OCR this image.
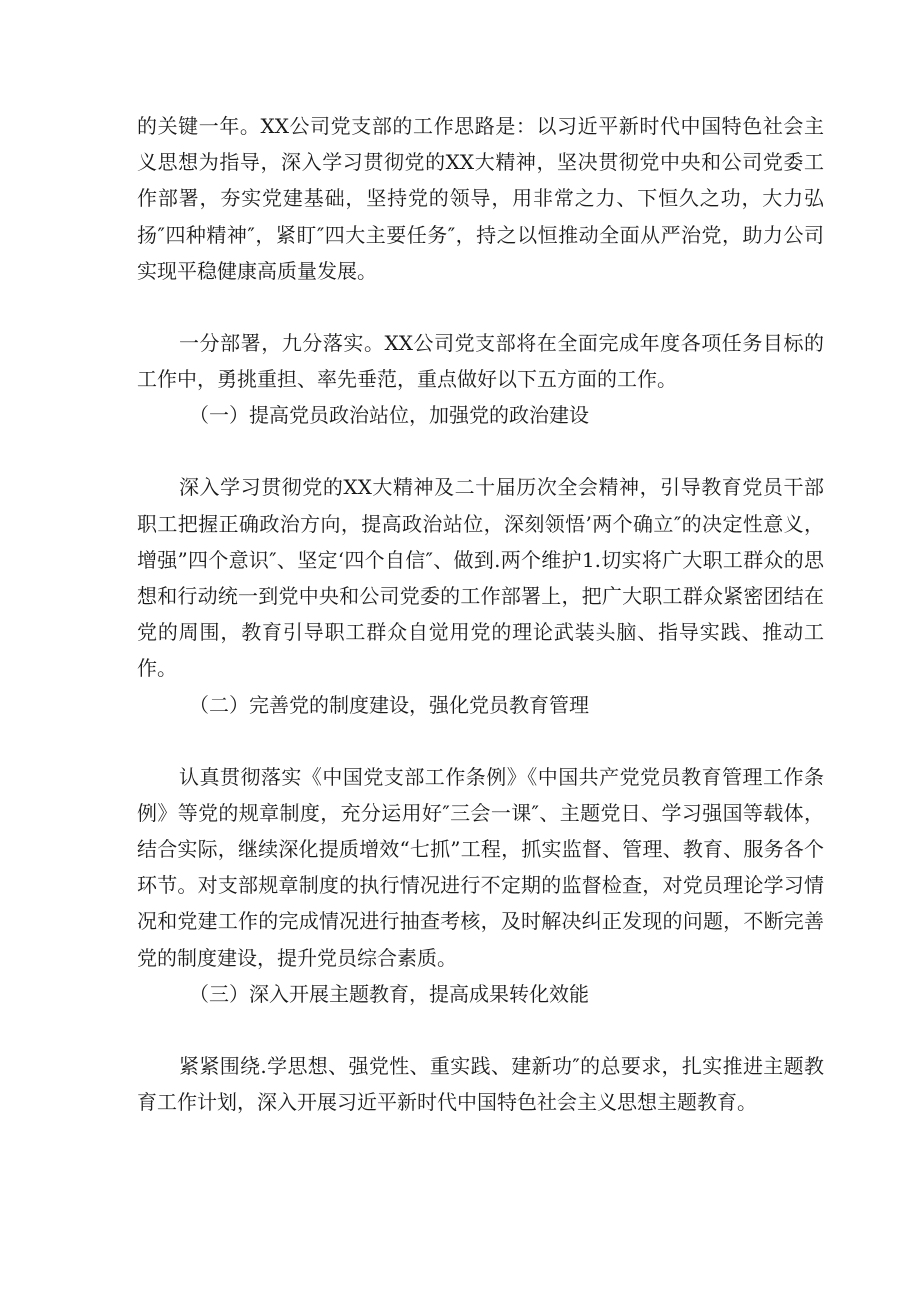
的关键一年。XX公司党支部的工作思路是：以习近平新时代中国特色社会主义思想为指导，深入学习贯彻党的XX大精神，坚决贯彻党中央和公司党委工作部署，夯实党建基础，坚持党的领导，用非常之力、下恒久之功，大力弘扬″四种精神″，紧盯″四大主要任务″，持之以恒推动全面从严治党，助力公司实现平稳健康高质量发展。

一分部署，九分落实。XX公司党支部将在全面完成年度各项任务目标的工作中，勇挑重担、率先垂范，重点做好以下五方面的工作。

（一）提高党员政治站位，加强党的政治建设

深入学习贯彻党的XX大精神及二十届历次全会精神，引导教育党员干部职工把握正确政治方向，提高政治站位，深刻领悟’两个确立″的决定性意义，增强”四个意识″、坚定‘四个自信″、做到.两个维护1.切实将广大职工群众的思想和行动统一到党中央和公司党委的工作部署上，把广大职工群众紧密团结在党的周围，教育引导职工群众自觉用党的理论武装头脑、指导实践、推动工作。

（二）完善党的制度建设，强化党员教育管理

认真贯彻落实《中国党支部工作条例》《中国共产党党员教育管理工作条例》等党的规章制度，充分运用好″三会一课″、主题党日、学习强国等载体，结合实际，继续深化提质增效“七抓”工程，抓实监督、管理、教育、服务各个环节。对支部规章制度的执行情况进行不定期的监督检查，对党员理论学习情况和党建工作的完成情况进行抽查考核，及时解决纠正发现的问题，不断完善党的制度建设，提升党员综合素质。

（三）深入开展主题教育，提高成果转化效能

紧紧围绕.学思想、强党性、重实践、建新功″的总要求，扎实推进主题教育工作计划，深入开展习近平新时代中国特色社会主义思想主题教育。
